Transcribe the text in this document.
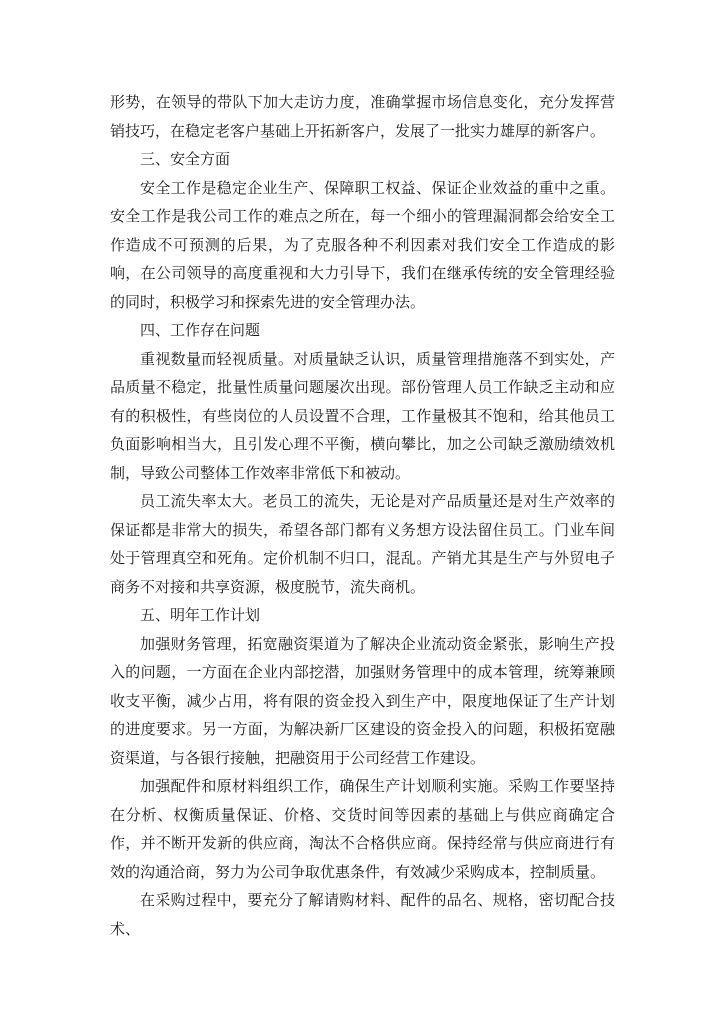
形势，在领导的带队下加大走访力度，准确掌握市场信息变化，充分发挥营销技巧，在稳定老客户基础上开拓新客户，发展了一批实力雄厚的新客户。

三、安全方面

安全工作是稳定企业生产、保障职工权益、保证企业效益的重中之重。安全工作是我公司工作的难点之所在，每一个细小的管理漏洞都会给安全工作造成不可预测的后果，为了克服各种不利因素对我们安全工作造成的影响，在公司领导的高度重视和大力引导下，我们在继承传统的安全管理经验的同时，积极学习和探索先进的安全管理办法。

四、工作存在问题

重视数量而轻视质量。对质量缺乏认识，质量管理措施落不到实处，产品质量不稳定，批量性质量问题屡次出现。部份管理人员工作缺乏主动和应有的积极性，有些岗位的人员设置不合理，工作量极其不饱和，给其他员工负面影响相当大，且引发心理不平衡，横向攀比，加之公司缺乏激励绩效机制，导致公司整体工作效率非常低下和被动。

员工流失率太大。老员工的流失，无论是对产品质量还是对生产效率的保证都是非常大的损失，希望各部门都有义务想方设法留住员工。门业车间处于管理真空和死角。定价机制不归口，混乱。产销尤其是生产与外贸电子商务不对接和共享资源，极度脱节，流失商机。

五、明年工作计划

加强财务管理，拓宽融资渠道为了解决企业流动资金紧张，影响生产投入的问题，一方面在企业内部挖潜，加强财务管理中的成本管理，统筹兼顾收支平衡，减少占用，将有限的资金投入到生产中，限度地保证了生产计划的进度要求。另一方面，为解决新厂区建设的资金投入的问题，积极拓宽融资渠道，与各银行接触，把融资用于公司经营工作建设。

加强配件和原材料组织工作，确保生产计划顺利实施。采购工作要坚持在分析、权衡质量保证、价格、交货时间等因素的基础上与供应商确定合作，并不断开发新的供应商，淘汰不合格供应商。保持经常与供应商进行有效的沟通洽商，努力为公司争取优惠条件，有效减少采购成本，控制质量。

在采购过程中，要充分了解请购材料、配件的品名、规格，密切配合技术、
